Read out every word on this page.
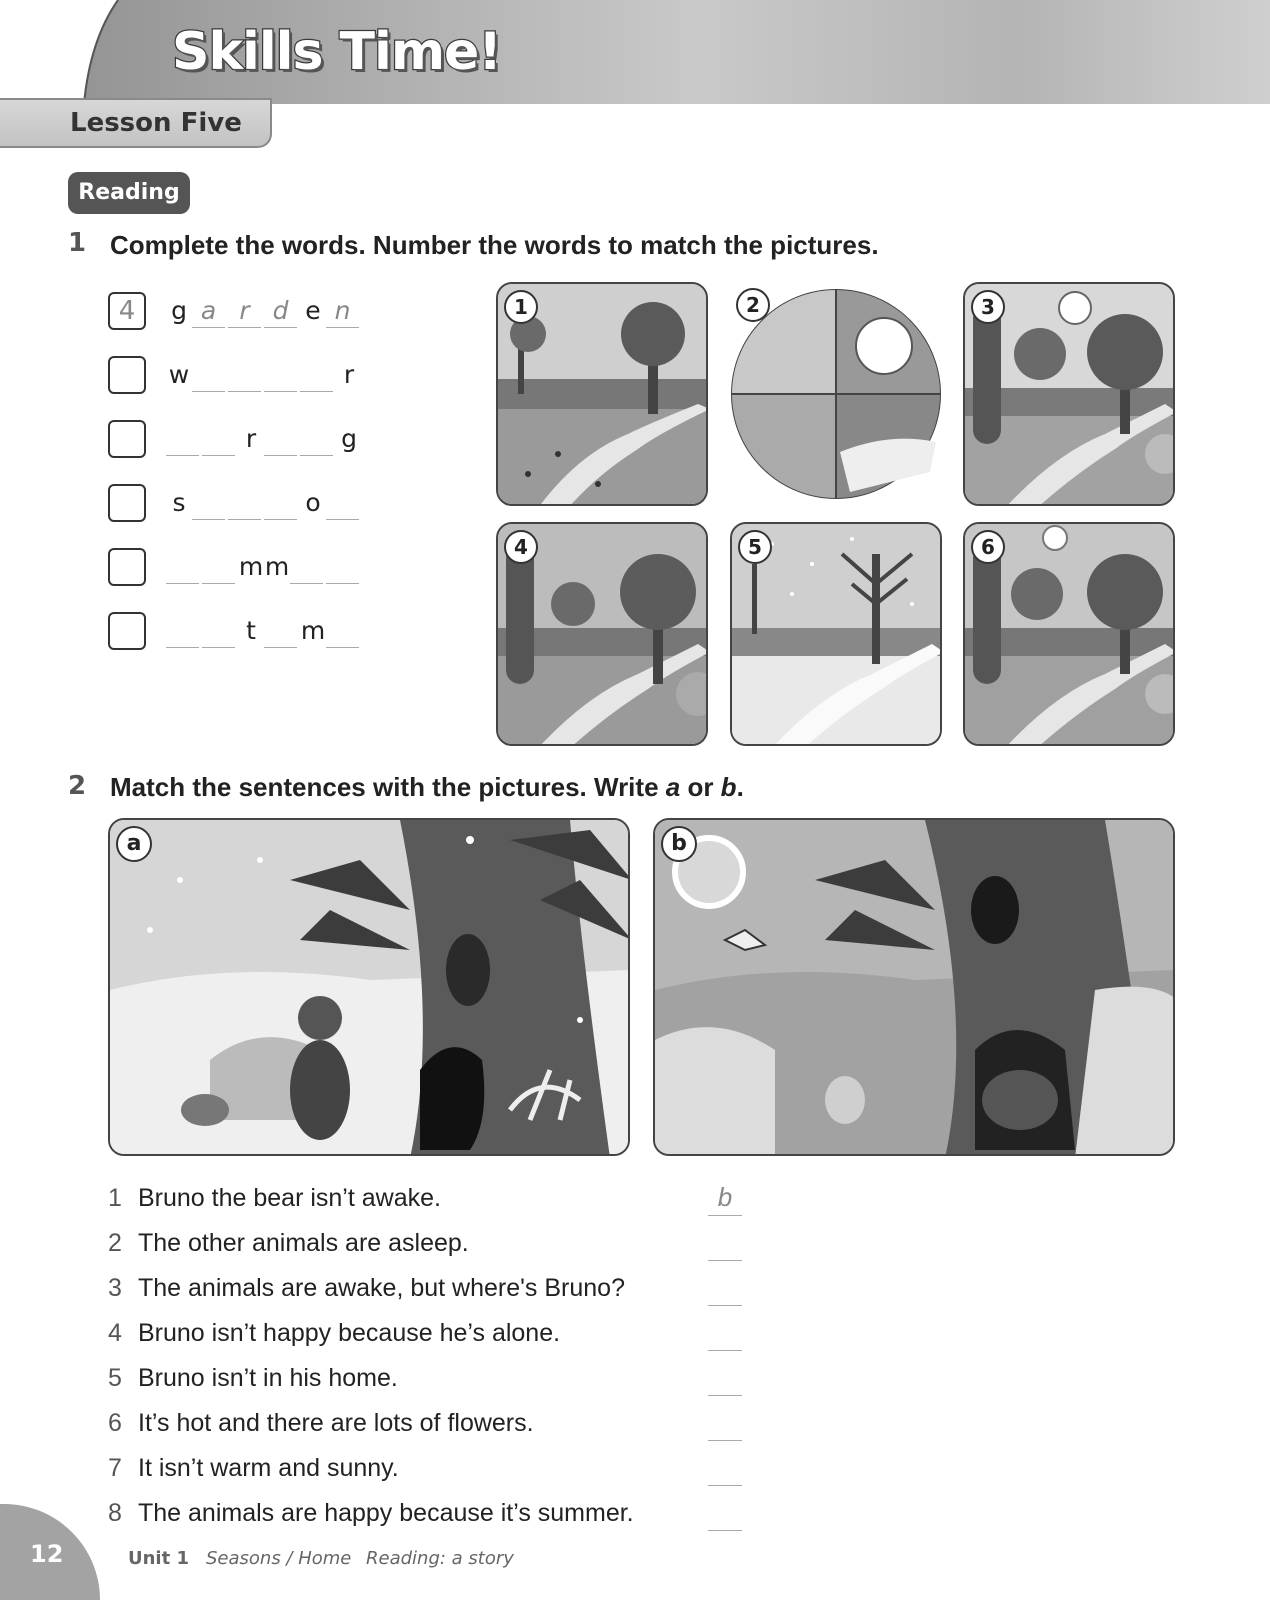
Skills Time!
Lesson Five
Reading
1 Complete the words. Number the words to match the pictures.
4	g a r d e n
w	r
r	g
s	o
m m
t	m
1	2	3
4	5	6
2 Match the sentences with the pictures. Write a or b.
a	b
1 Bruno the bear isn’t awake.	b
2 The other animals are asleep.
3 The animals are awake, but where's Bruno?
4 Bruno isn’t happy because he’s alone.
5 Bruno isn’t in his home.
6 It’s hot and there are lots of flowers.
7 It isn’t warm and sunny.
8 The animals are happy because it’s summer.
12	Unit 1 Seasons / Home Reading: a story
